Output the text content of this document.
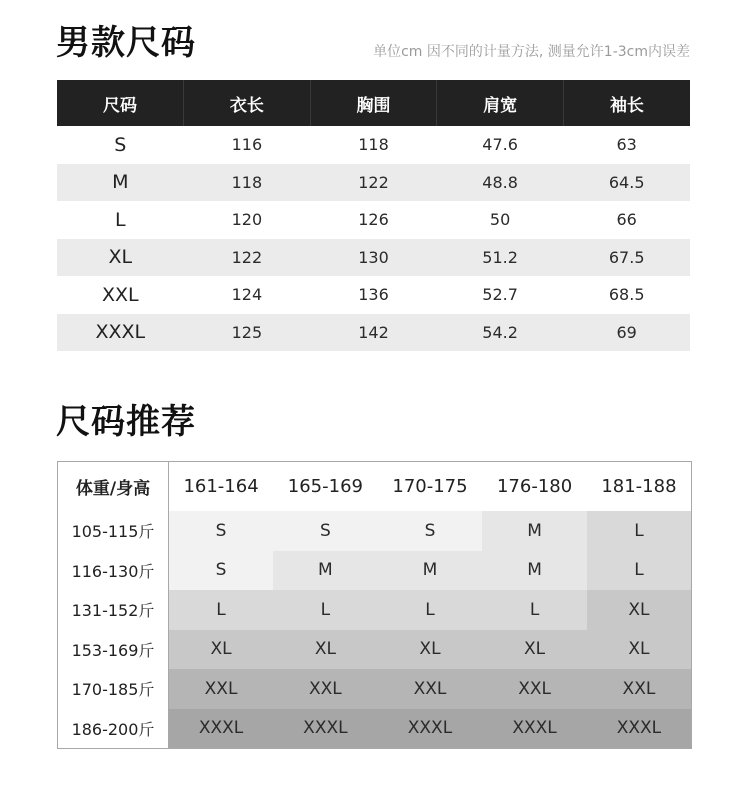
男款尺码	单位cm 因不同的计量方法, 测量允许1-3cm内误差
尺码	衣长	胸围	肩宽	袖长
S	116	118	47.6	63
M	118	122	48.8	64.5
L	120	126	50	66
XL	122	130	51.2	67.5
XXL	124	136	52.7	68.5
XXXL	125	142	54.2	69
尺码推荐
体重/身高	161-164	165-169	170-175	176-180	181-188
105-115斤	S	S	S	M	L
116-130斤	S	M	M	M	L
131-152斤	L	L	L	L	XL
153-169斤	XL	XL	XL	XL	XL
170-185斤	XXL	XXL	XXL	XXL	XXL
186-200斤	XXXL	XXXL	XXXL	XXXL	XXXL
